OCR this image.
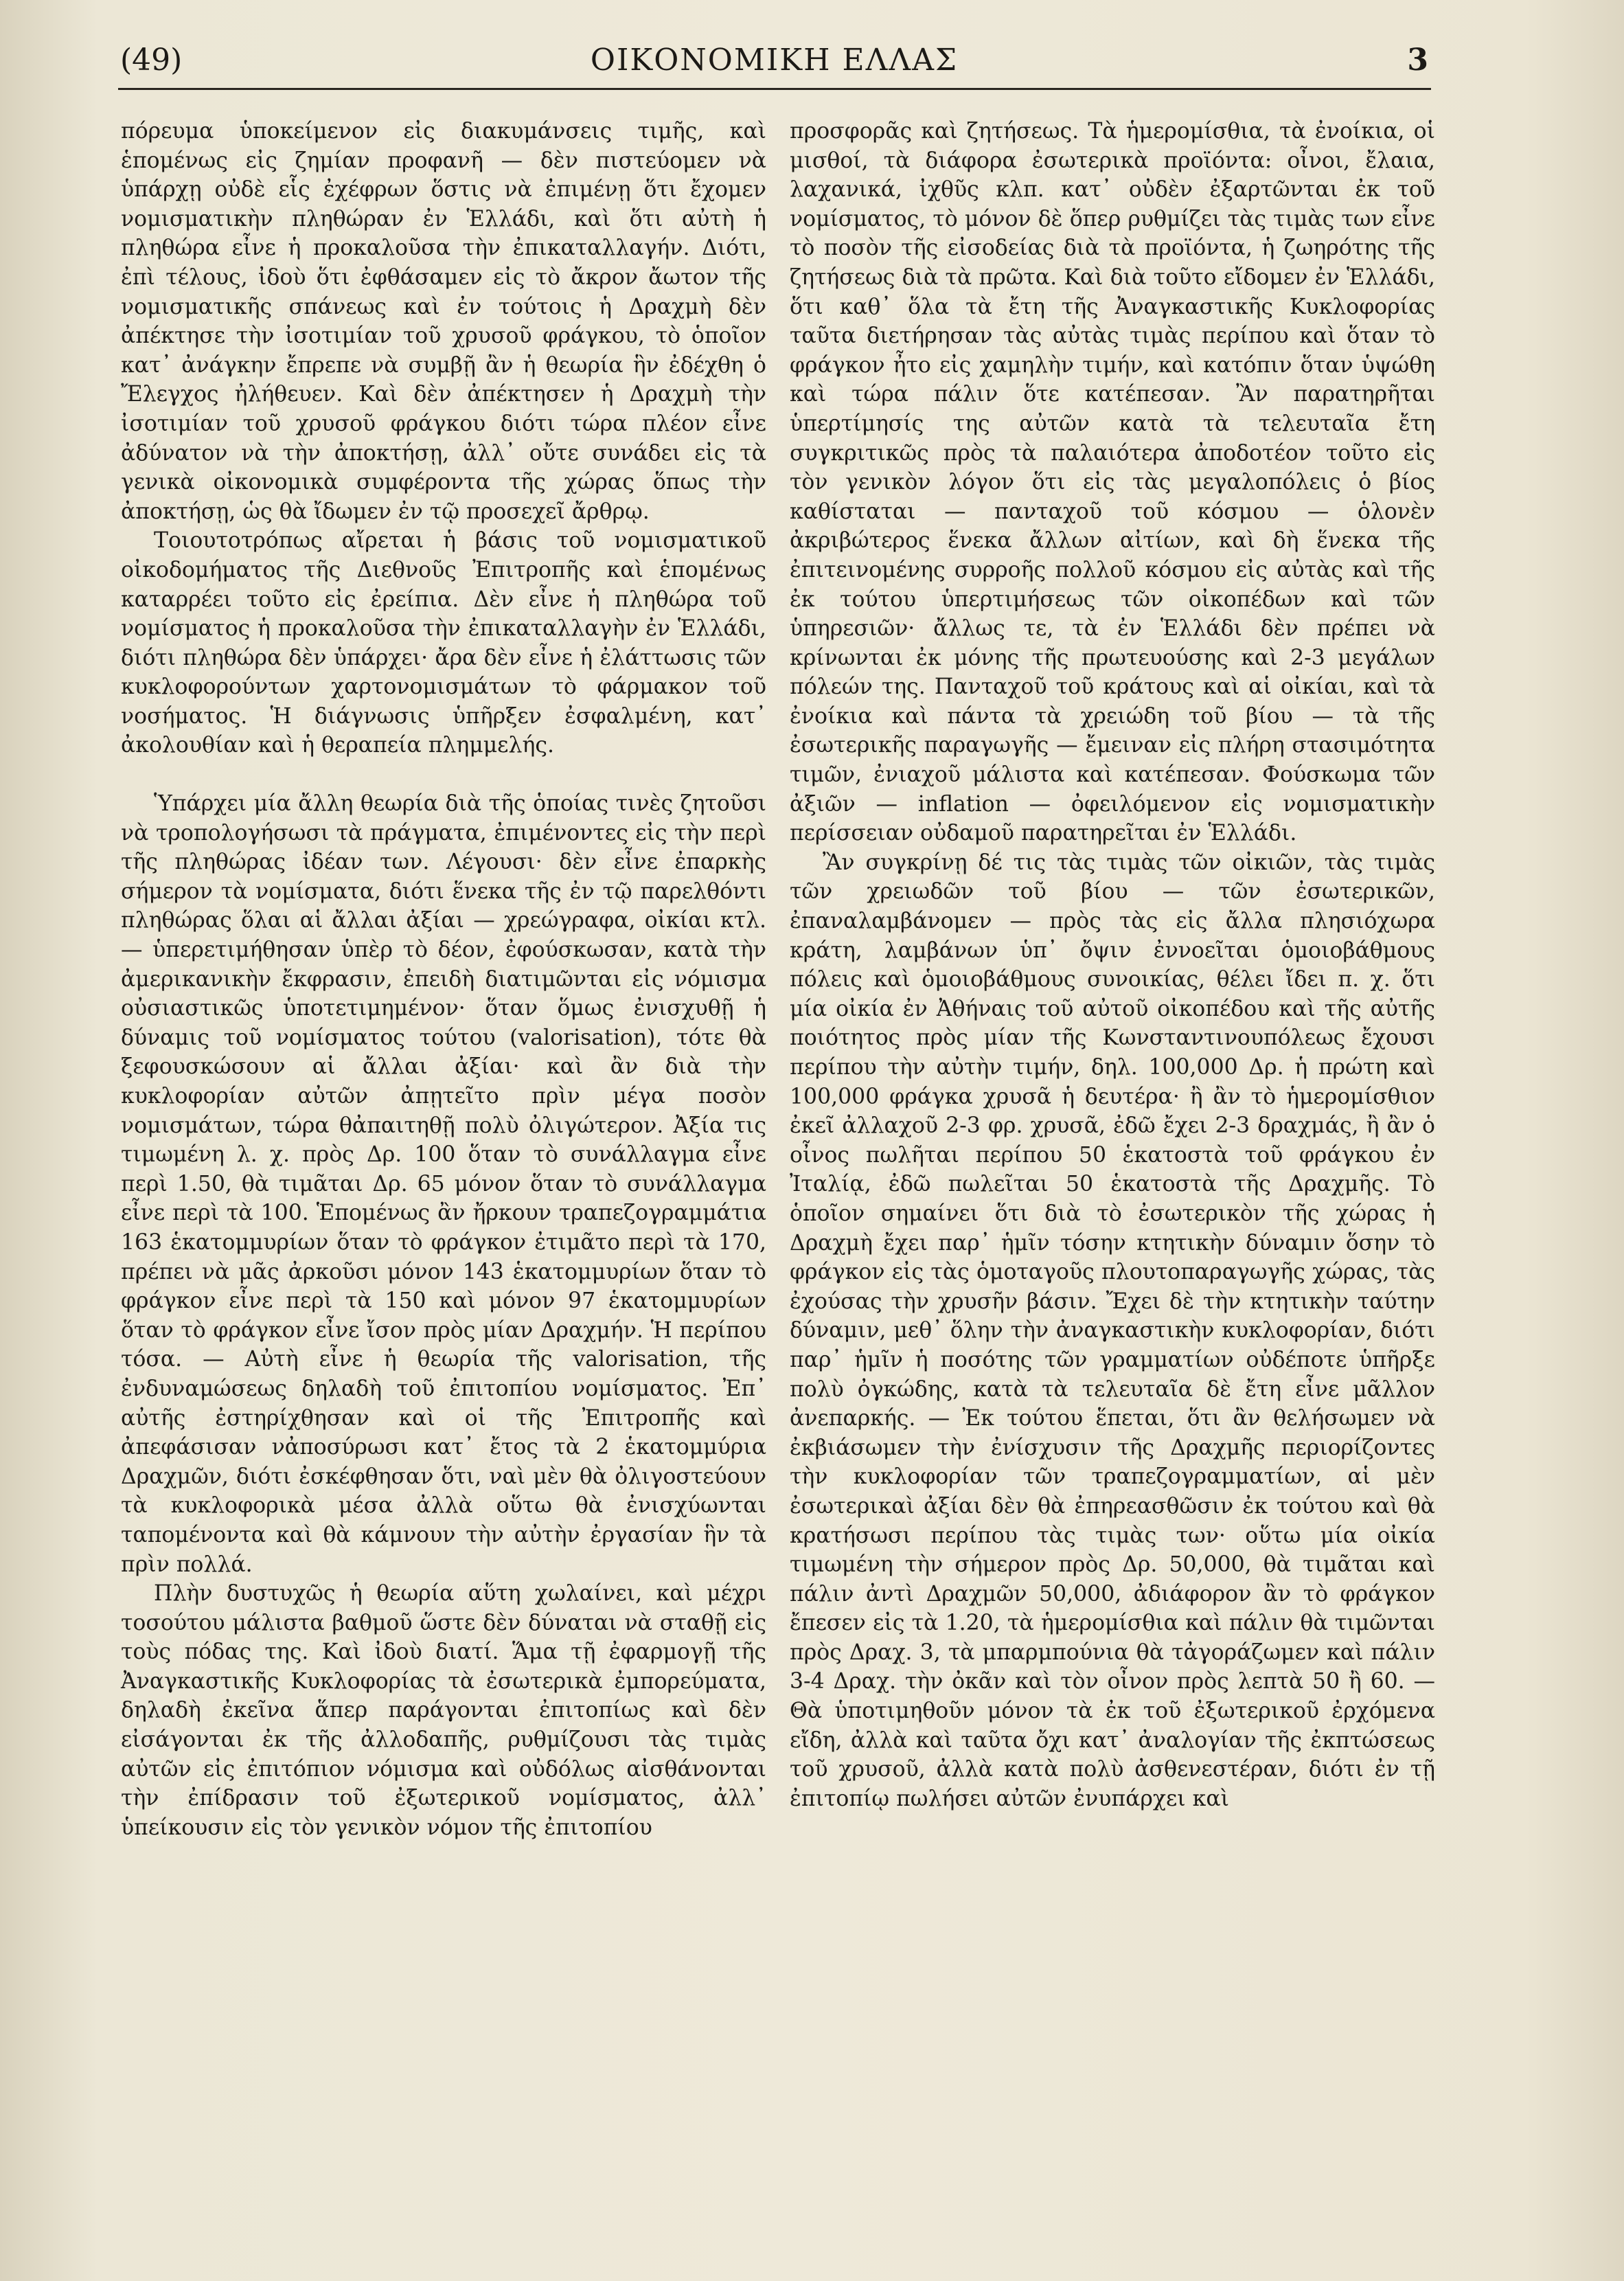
(49)	ΟΙΚΟΝΟΜΙΚΗ ΕΛΛΑΣ	3

πόρευμα ὑποκείμενον εἰς διακυμάνσεις τιμῆς, καὶ ἑπομένως εἰς ζημίαν προφανῆ — δὲν πιστεύομεν νὰ ὑπάρχῃ οὐδὲ εἷς ἐχέφρων ὅστις νὰ ἐπιμένῃ ὅτι ἔχομεν νομισματικὴν πληθώραν ἐν Ἑλλάδι, καὶ ὅτι αὐτὴ ἡ πληθώρα εἶνε ἡ προκαλοῦσα τὴν ἐπικαταλλαγήν. Διότι, ἐπὶ τέλους, ἰδοὺ ὅτι ἐφθάσαμεν εἰς τὸ ἄκρον ἄωτον τῆς νομισματικῆς σπάνεως καὶ ἐν τούτοις ἡ Δραχμὴ δὲν ἀπέκτησε τὴν ἰσοτιμίαν τοῦ χρυσοῦ φράγκου, τὸ ὁποῖον κατ᾽ ἀνάγκην ἔπρεπε νὰ συμβῇ ἂν ἡ θεωρία ἣν ἐδέχθη ὁ Ἔλεγχος ἠλήθευεν. Καὶ δὲν ἀπέκτησεν ἡ Δραχμὴ τὴν ἰσοτιμίαν τοῦ χρυσοῦ φράγκου διότι τώρα πλέον εἶνε ἀδύνατον νὰ τὴν ἀποκτήσῃ, ἀλλ᾽ οὔτε συνάδει εἰς τὰ γενικὰ οἰκονομικὰ συμφέροντα τῆς χώρας ὅπως τὴν ἀποκτήσῃ, ὡς θὰ ἴδωμεν ἐν τῷ προσεχεῖ ἄρθρῳ.

Τοιουτοτρόπως αἴρεται ἡ βάσις τοῦ νομισματικοῦ οἰκοδομήματος τῆς Διεθνοῦς Ἐπιτροπῆς καὶ ἑπομένως καταρρέει τοῦτο εἰς ἐρείπια. Δὲν εἶνε ἡ πληθώρα τοῦ νομίσματος ἡ προκαλοῦσα τὴν ἐπικαταλλαγὴν ἐν Ἑλλάδι, διότι πληθώρα δὲν ὑπάρχει· ἄρα δὲν εἶνε ἡ ἐλάττωσις τῶν κυκλοφορούντων χαρτονομισμάτων τὸ φάρμακον τοῦ νοσήματος. Ἡ διάγνωσις ὑπῆρξεν ἐσφαλμένη, κατ᾽ ἀκολουθίαν καὶ ἡ θεραπεία πλημμελής.

Ὑπάρχει μία ἄλλη θεωρία διὰ τῆς ὁποίας τινὲς ζητοῦσι νὰ τροπολογήσωσι τὰ πράγματα, ἐπιμένοντες εἰς τὴν περὶ τῆς πληθώρας ἰδέαν των. Λέγουσι· δὲν εἶνε ἐπαρκὴς σήμερον τὰ νομίσματα, διότι ἕνεκα τῆς ἐν τῷ παρελθόντι πληθώρας ὅλαι αἱ ἄλλαι ἀξίαι — χρεώγραφα, οἰκίαι κτλ. — ὑπερετιμήθησαν ὑπὲρ τὸ δέον, ἐφούσκωσαν, κατὰ τὴν ἀμερικανικὴν ἔκφρασιν, ἐπειδὴ διατιμῶνται εἰς νόμισμα οὐσιαστικῶς ὑποτετιμημένον· ὅταν ὅμως ἐνισχυθῇ ἡ δύναμις τοῦ νομίσματος τούτου (valorisation), τότε θὰ ξεφουσκώσουν αἱ ἄλλαι ἀξίαι· καὶ ἂν διὰ τὴν κυκλοφορίαν αὐτῶν ἀπῃτεῖτο πρὶν μέγα ποσὸν νομισμάτων, τώρα θἀπαιτηθῇ πολὺ ὀλιγώτερον. Ἀξία τις τιμωμένη λ. χ. πρὸς Δρ. 100 ὅταν τὸ συνάλλαγμα εἶνε περὶ 1.50, θὰ τιμᾶται Δρ. 65 μόνον ὅταν τὸ συνάλλαγμα εἶνε περὶ τὰ 100. Ἑπομένως ἂν ἤρκουν τραπεζογραμμάτια 163 ἑκατομμυρίων ὅταν τὸ φράγκον ἐτιμᾶτο περὶ τὰ 170, πρέπει νὰ μᾶς ἀρκοῦσι μόνον 143 ἑκατομμυρίων ὅταν τὸ φράγκον εἶνε περὶ τὰ 150 καὶ μόνον 97 ἑκατομμυρίων ὅταν τὸ φράγκον εἶνε ἴσον πρὸς μίαν Δραχμήν. Ἡ περίπου τόσα. — Αὐτὴ εἶνε ἡ θεωρία τῆς valorisation, τῆς ἐνδυναμώσεως δηλαδὴ τοῦ ἐπιτοπίου νομίσματος. Ἐπ᾽ αὐτῆς ἐστηρίχθησαν καὶ οἱ τῆς Ἐπιτροπῆς καὶ ἀπεφάσισαν νἀποσύρωσι κατ᾽ ἔτος τὰ 2 ἑκατομμύρια Δραχμῶν, διότι ἐσκέφθησαν ὅτι, ναὶ μὲν θὰ ὀλιγοστεύουν τὰ κυκλοφορικὰ μέσα ἀλλὰ οὕτω θὰ ἐνισχύωνται ταπομένοντα καὶ θὰ κάμνουν τὴν αὐτὴν ἐργασίαν ἣν τὰ πρὶν πολλά.

Πλὴν δυστυχῶς ἡ θεωρία αὕτη χωλαίνει, καὶ μέχρι τοσούτου μάλιστα βαθμοῦ ὥστε δὲν δύναται νὰ σταθῇ εἰς τοὺς πόδας της. Καὶ ἰδοὺ διατί. Ἅμα τῇ ἐφαρμογῇ τῆς Ἀναγκαστικῆς Κυκλοφορίας τὰ ἐσωτερικὰ ἐμπορεύματα, δηλαδὴ ἐκεῖνα ἅπερ παράγονται ἐπιτοπίως καὶ δὲν εἰσάγονται ἐκ τῆς ἀλλοδαπῆς, ρυθμίζουσι τὰς τιμὰς αὐτῶν εἰς ἐπιτόπιον νόμισμα καὶ οὐδόλως αἰσθάνονται τὴν ἐπίδρασιν τοῦ ἐξωτερικοῦ νομίσματος, ἀλλ᾽ ὑπείκουσιν εἰς τὸν γενικὸν νόμον τῆς ἐπιτοπίου

προσφορᾶς καὶ ζητήσεως. Τὰ ἡμερομίσθια, τὰ ἐνοίκια, οἱ μισθοί, τὰ διάφορα ἐσωτερικὰ προϊόντα: οἶνοι, ἔλαια, λαχανικά, ἰχθῦς κλπ. κατ᾽ οὐδὲν ἐξαρτῶνται ἐκ τοῦ νομίσματος, τὸ μόνον δὲ ὅπερ ρυθμίζει τὰς τιμὰς των εἶνε τὸ ποσὸν τῆς εἰσοδείας διὰ τὰ προϊόντα, ἡ ζωηρότης τῆς ζητήσεως διὰ τὰ πρῶτα. Καὶ διὰ τοῦτο εἴδομεν ἐν Ἑλλάδι, ὅτι καθ᾽ ὅλα τὰ ἔτη τῆς Ἀναγκαστικῆς Κυκλοφορίας ταῦτα διετήρησαν τὰς αὐτὰς τιμὰς περίπου καὶ ὅταν τὸ φράγκον ἦτο εἰς χαμηλὴν τιμήν, καὶ κατόπιν ὅταν ὑψώθη καὶ τώρα πάλιν ὅτε κατέπεσαν. Ἂν παρατηρῆται ὑπερτίμησίς της αὐτῶν κατὰ τὰ τελευταῖα ἔτη συγκριτικῶς πρὸς τὰ παλαιότερα ἀποδοτέον τοῦτο εἰς τὸν γενικὸν λόγον ὅτι εἰς τὰς μεγαλοπόλεις ὁ βίος καθίσταται — πανταχοῦ τοῦ κόσμου — ὁλονὲν ἀκριβώτερος ἕνεκα ἄλλων αἰτίων, καὶ δὴ ἕνεκα τῆς ἐπιτεινομένης συρροῆς πολλοῦ κόσμου εἰς αὐτὰς καὶ τῆς ἐκ τούτου ὑπερτιμήσεως τῶν οἰκοπέδων καὶ τῶν ὑπηρεσιῶν· ἄλλως τε, τὰ ἐν Ἑλλάδι δὲν πρέπει νὰ κρίνωνται ἐκ μόνης τῆς πρωτευούσης καὶ 2-3 μεγάλων πόλεών της. Πανταχοῦ τοῦ κράτους καὶ αἱ οἰκίαι, καὶ τὰ ἐνοίκια καὶ πάντα τὰ χρειώδη τοῦ βίου — τὰ τῆς ἐσωτερικῆς παραγωγῆς — ἔμειναν εἰς πλήρη στασιμότητα τιμῶν, ἐνιαχοῦ μάλιστα καὶ κατέπεσαν. Φούσκωμα τῶν ἀξιῶν — inflation — ὀφειλόμενον εἰς νομισματικὴν περίσσειαν οὐδαμοῦ παρατηρεῖται ἐν Ἑλλάδι.

Ἂν συγκρίνῃ δέ τις τὰς τιμὰς τῶν οἰκιῶν, τὰς τιμὰς τῶν χρειωδῶν τοῦ βίου — τῶν ἐσωτερικῶν, ἐπαναλαμβάνομεν — πρὸς τὰς εἰς ἄλλα πλησιόχωρα κράτη, λαμβάνων ὑπ᾽ ὄψιν ἐννοεῖται ὁμοιοβάθμους πόλεις καὶ ὁμοιοβάθμους συνοικίας, θέλει ἴδει π. χ. ὅτι μία οἰκία ἐν Ἀθήναις τοῦ αὐτοῦ οἰκοπέδου καὶ τῆς αὐτῆς ποιότητος πρὸς μίαν τῆς Κωνσταντινουπόλεως ἔχουσι περίπου τὴν αὐτὴν τιμήν, δηλ. 100,000 Δρ. ἡ πρώτη καὶ 100,000 φράγκα χρυσᾶ ἡ δευτέρα· ἢ ἂν τὸ ἡμερομίσθιον ἐκεῖ ἀλλαχοῦ 2-3 φρ. χρυσᾶ, ἐδῶ ἔχει 2-3 δραχμάς, ἢ ἂν ὁ οἶνος πωλῆται περίπου 50 ἑκατοστὰ τοῦ φράγκου ἐν Ἰταλίᾳ, ἐδῶ πωλεῖται 50 ἑκατοστὰ τῆς Δραχμῆς. Τὸ ὁποῖον σημαίνει ὅτι διὰ τὸ ἐσωτερικὸν τῆς χώρας ἡ Δραχμὴ ἔχει παρ᾽ ἡμῖν τόσην κτητικὴν δύναμιν ὅσην τὸ φράγκον εἰς τὰς ὁμοταγοῦς πλουτοπαραγωγῆς χώρας, τὰς ἐχούσας τὴν χρυσῆν βάσιν. Ἔχει δὲ τὴν κτητικὴν ταύτην δύναμιν, μεθ᾽ ὅλην τὴν ἀναγκαστικὴν κυκλοφορίαν, διότι παρ᾽ ἡμῖν ἡ ποσότης τῶν γραμματίων οὐδέποτε ὑπῆρξε πολὺ ὀγκώδης, κατὰ τὰ τελευταῖα δὲ ἔτη εἶνε μᾶλλον ἀνεπαρκής. — Ἐκ τούτου ἕπεται, ὅτι ἂν θελήσωμεν νὰ ἐκβιάσωμεν τὴν ἐνίσχυσιν τῆς Δραχμῆς περιορίζοντες τὴν κυκλοφορίαν τῶν τραπεζογραμματίων, αἱ μὲν ἐσωτερικαὶ ἀξίαι δὲν θὰ ἐπηρεασθῶσιν ἐκ τούτου καὶ θὰ κρατήσωσι περίπου τὰς τιμὰς των· οὕτω μία οἰκία τιμωμένη τὴν σήμερον πρὸς Δρ. 50,000, θὰ τιμᾶται καὶ πάλιν ἀντὶ Δραχμῶν 50,000, ἀδιάφορον ἂν τὸ φράγκον ἔπεσεν εἰς τὰ 1.20, τὰ ἡμερομίσθια καὶ πάλιν θὰ τιμῶνται πρὸς Δραχ. 3, τὰ μπαρμπούνια θὰ τἀγοράζωμεν καὶ πάλιν 3-4 Δραχ. τὴν ὀκᾶν καὶ τὸν οἶνον πρὸς λεπτὰ 50 ἢ 60. — Θὰ ὑποτιμηθοῦν μόνον τὰ ἐκ τοῦ ἐξωτερικοῦ ἐρχόμενα εἴδη, ἀλλὰ καὶ ταῦτα ὄχι κατ᾽ ἀναλογίαν τῆς ἐκπτώσεως τοῦ χρυσοῦ, ἀλλὰ κατὰ πολὺ ἀσθενεστέραν, διότι ἐν τῇ ἐπιτοπίῳ πωλήσει αὐτῶν ἐνυπάρχει καὶ
